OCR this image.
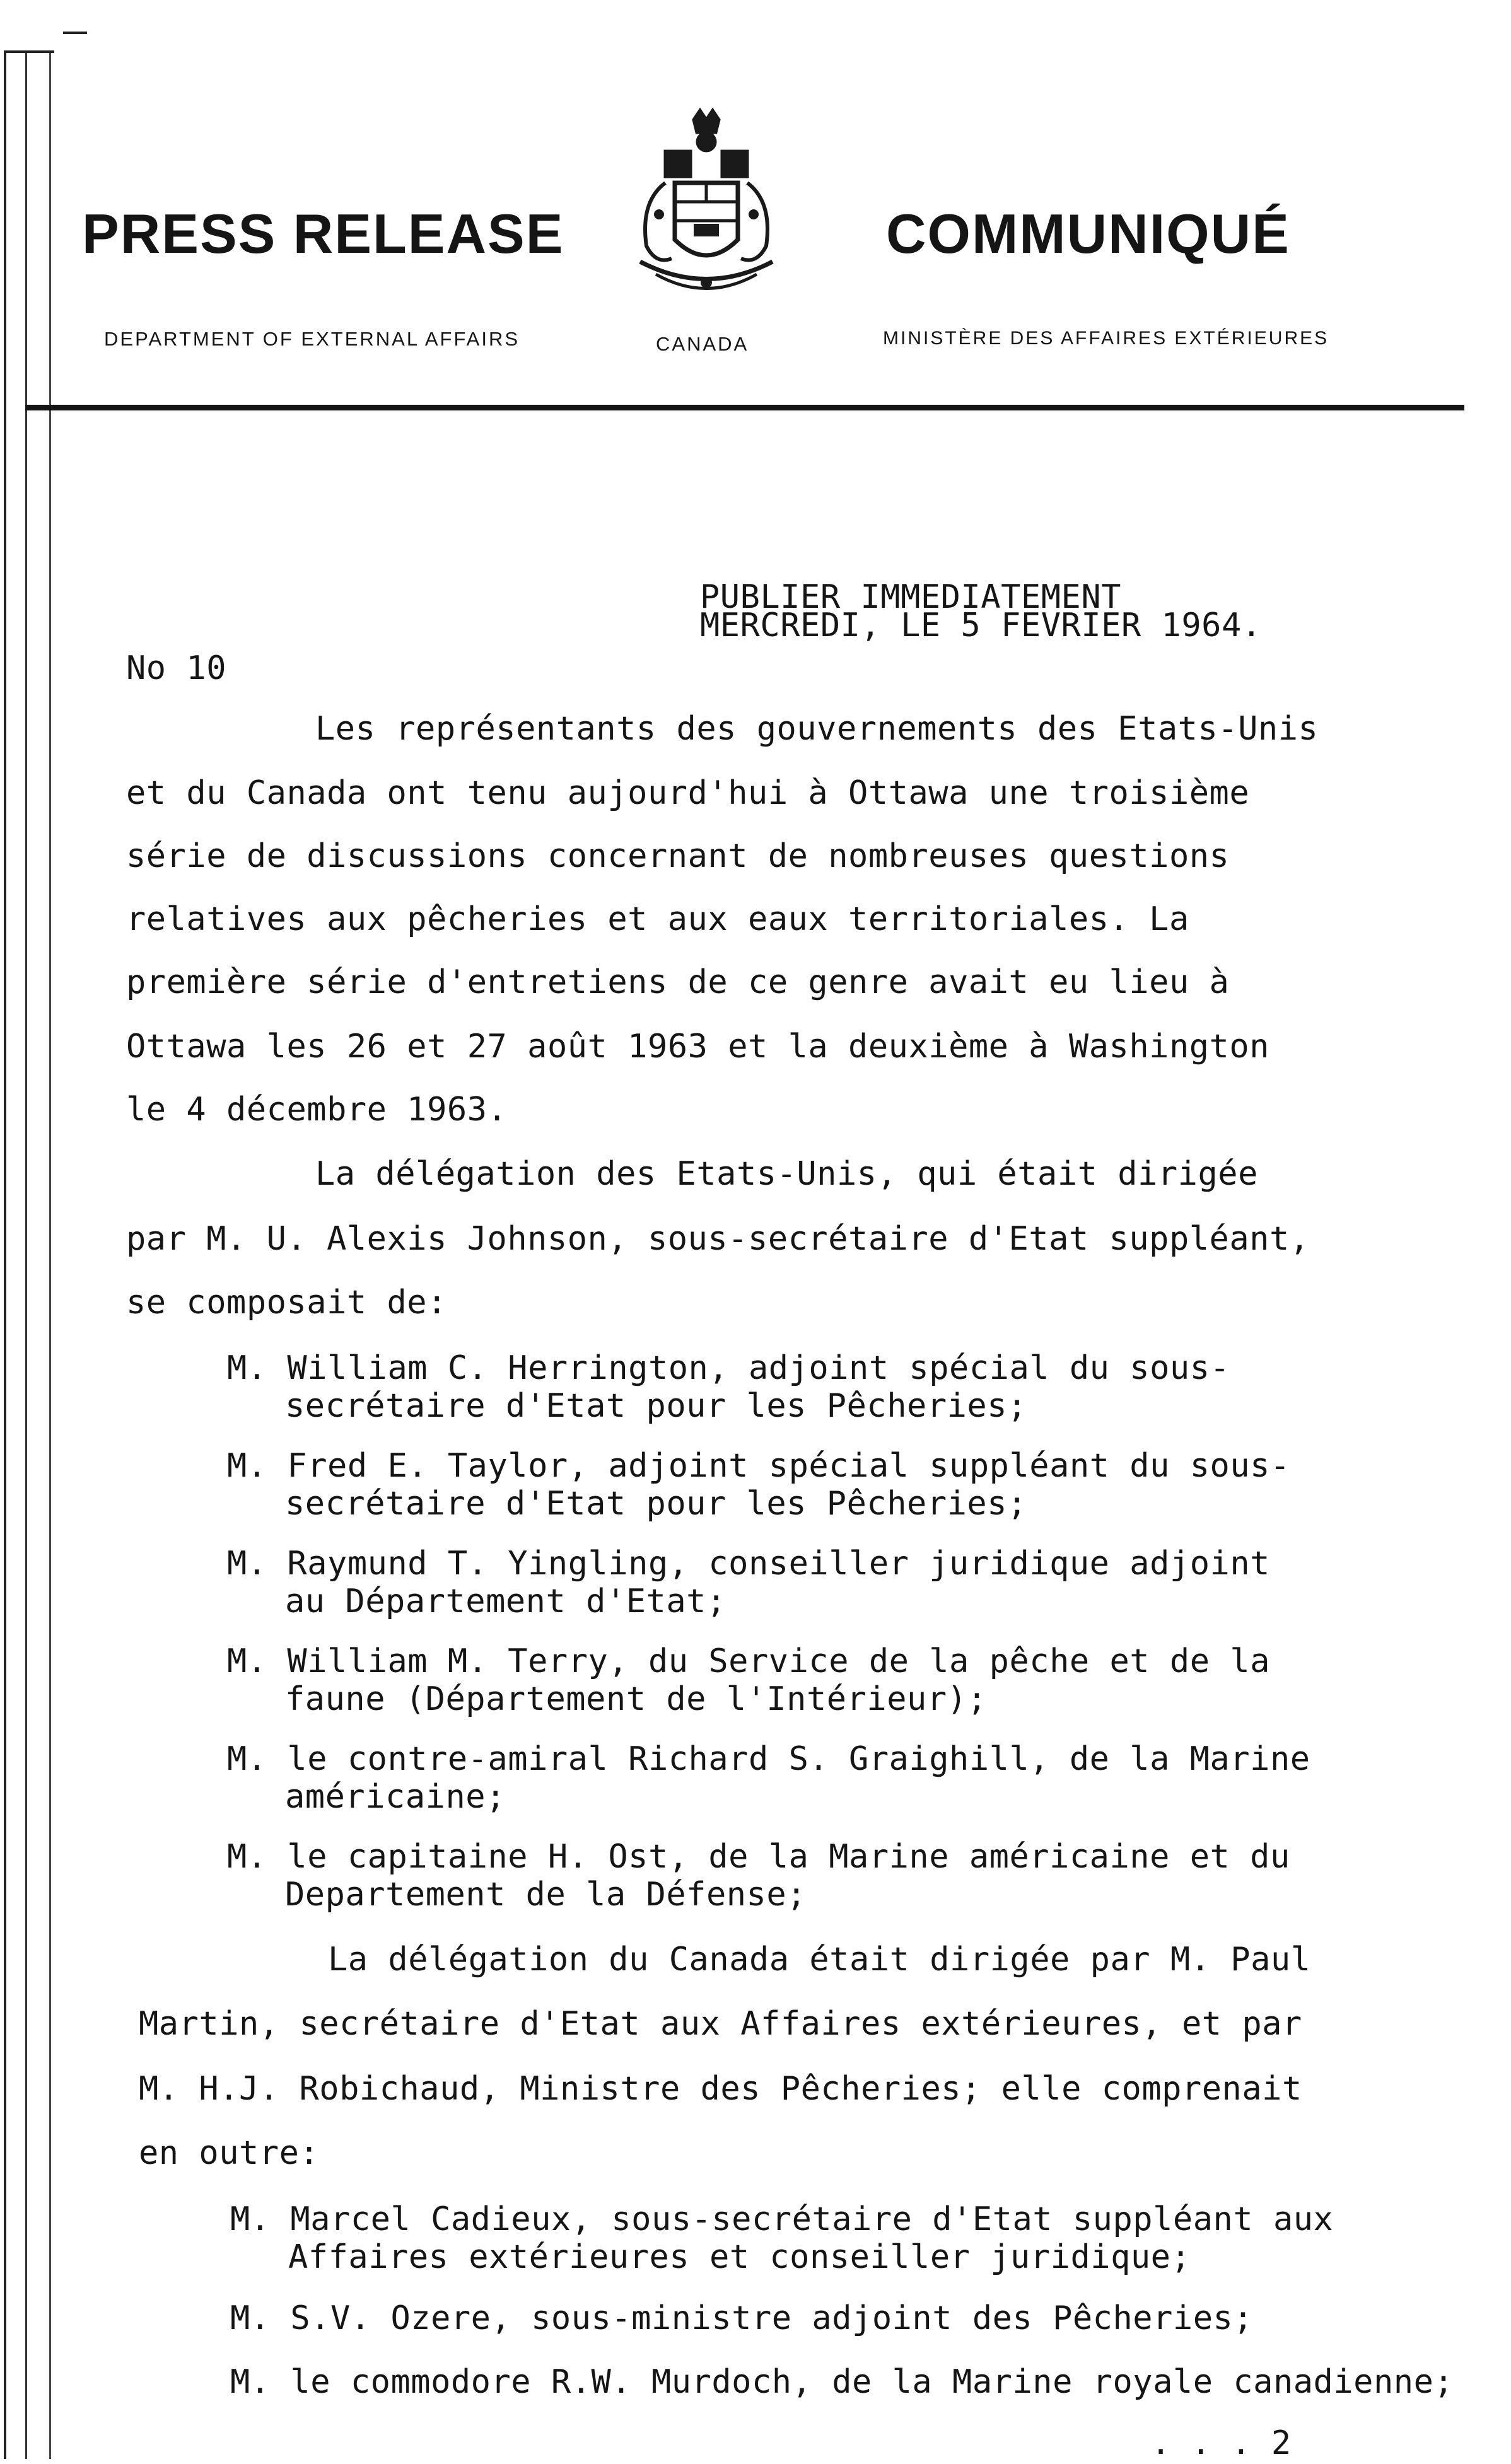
PRESS RELEASE	COMMUNIQUÉ
DEPARTMENT OF EXTERNAL AFFAIRS	CANADA	MINISTÈRE DES AFFAIRES EXTÉRIEURES
PUBLIER IMMEDIATEMENT
MERCREDI, LE 5 FEVRIER 1964.
No 10
Les représentants des gouvernements des Etats-Unis
et du Canada ont tenu aujourd'hui à Ottawa une troisième
série de discussions concernant de nombreuses questions
relatives aux pêcheries et aux eaux territoriales. La
première série d'entretiens de ce genre avait eu lieu à
Ottawa les 26 et 27 août 1963 et la deuxième à Washington
le 4 décembre 1963.
La délégation des Etats-Unis, qui était dirigée
par M. U. Alexis Johnson, sous-secrétaire d'Etat suppléant,
se composait de:
M. William C. Herrington, adjoint spécial du sous-

secrétaire d'Etat pour les Pêcheries;
M. Fred E. Taylor, adjoint spécial suppléant du sous-

secrétaire d'Etat pour les Pêcheries;
M. Raymund T. Yingling, conseiller juridique adjoint

au Département d'Etat;
M. William M. Terry, du Service de la pêche et de la

faune (Département de l'Intérieur);
M. le contre-amiral Richard S. Graighill, de la Marine

américaine;
M. le capitaine H. Ost, de la Marine américaine et du

Departement de la Défense;
La délégation du Canada était dirigée par M. Paul
Martin, secrétaire d'Etat aux Affaires extérieures, et par
M. H.J. Robichaud, Ministre des Pêcheries; elle comprenait
en outre:
M. Marcel Cadieux, sous-secrétaire d'Etat suppléant aux

Affaires extérieures et conseiller juridique;
M. S.V. Ozere, sous-ministre adjoint des Pêcheries;
M. le commodore R.W. Murdoch, de la Marine royale canadienne;
. . . 2
